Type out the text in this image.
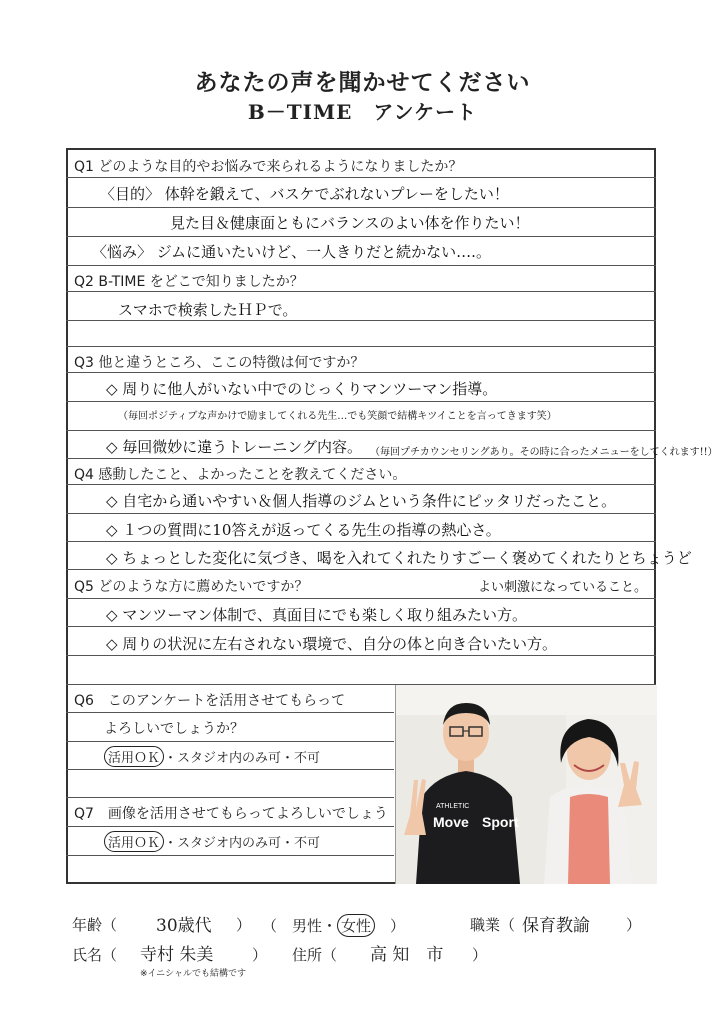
あなたの声を聞かせてください
B－TIME　アンケート
Q1 どのような目的やお悩みで来られるようになりましたか？
〈目的〉 体幹を鍛えて、バスケでぶれないプレーをしたい！
見た目＆健康面ともにバランスのよい体を作りたい！
〈悩み〉 ジムに通いたいけど、一人きりだと続かない….。
Q2 B-TIME をどこで知りましたか？
スマホで検索したＨＰで。
Q3 他と違うところ、ここの特徴は何ですか？
◇ 周りに他人がいない中でのじっくりマンツーマン指導。
（毎回ポジティブな声かけで励ましてくれる先生…でも笑顔で結構キツイことを言ってきます笑）
◇ 毎回微妙に違うトレーニング内容。 （毎回プチカウンセリングあり。その時に合ったメニューをしてくれます!!）
Q4 感動したこと、よかったことを教えてください。
◇ 自宅から通いやすい＆個人指導のジムという条件にピッタリだったこと。
◇ １つの質問に10答えが返ってくる先生の指導の熱心さ。
◇ ちょっとした変化に気づき、喝を入れてくれたりすごーく褒めてくれたりとちょうど
よい刺激になっていること。
Q5 どのような方に薦めたいですか？
◇ マンツーマン体制で、真面目にでも楽しく取り組みたい方。
◇ 周りの状況に左右されない環境で、自分の体と向き合いたい方。
Q6　このアンケートを活用させてもらって
よろしいでしょうか？
活用ＯＫ ・スタジオ内のみ可・不可
Q7　画像を活用させてもらってよろしいでしょう
活用ＯＫ ・スタジオ内のみ可・不可
ATHLETIC
Move Sport
年齢（ 30歳代 ） （　男性・ 女性　）	職業（ 保育教諭 ）
氏名（ 寺村 朱美	） 住所（ 高 知　市 ）
※イニシャルでも結構です
